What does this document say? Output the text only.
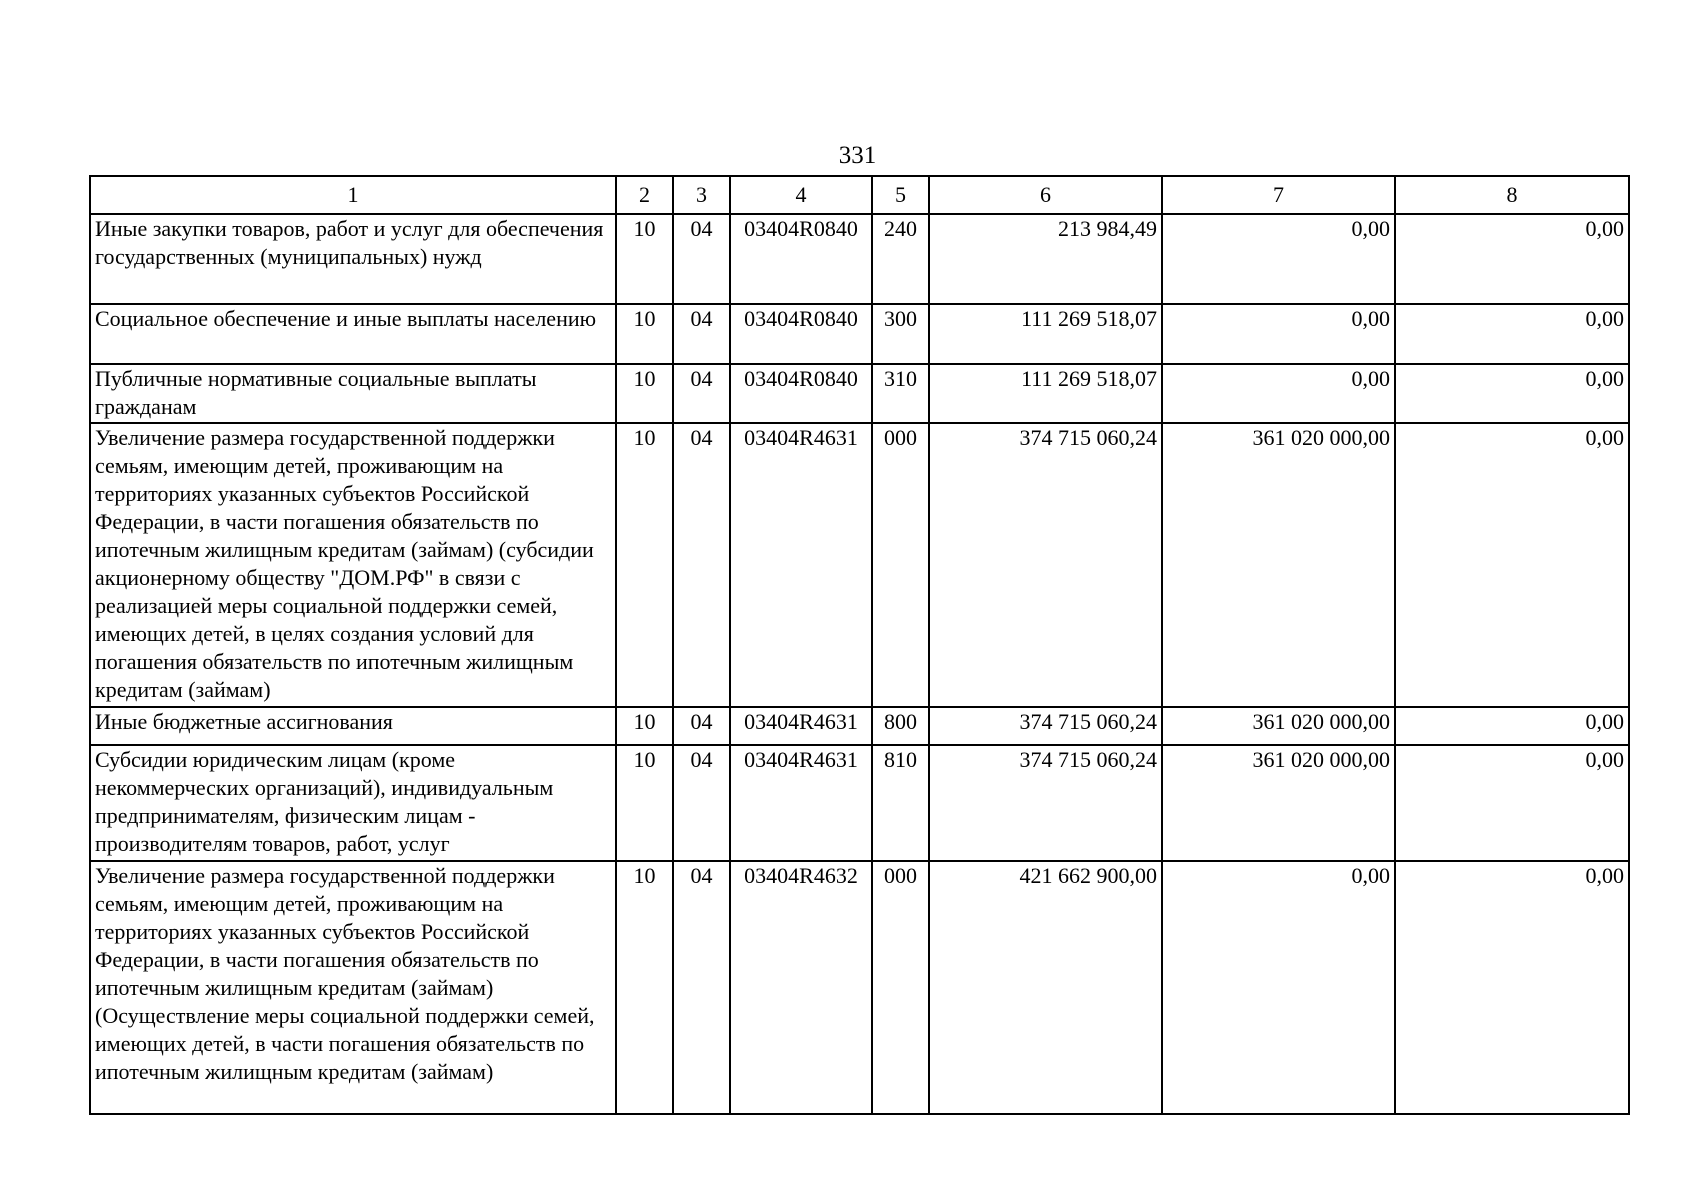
331
1	2	3	4	5	6	7	8
Иные закупки товаров, работ и услуг для обеспечения государственных (муниципальных) нужд	10	04	03404R0840	240	213 984,49	0,00	0,00
Социальное обеспечение и иные выплаты населению	10	04	03404R0840	300	111 269 518,07	0,00	0,00
Публичные нормативные социальные выплаты гражданам	10	04	03404R0840	310	111 269 518,07	0,00	0,00
Увеличение размера государственной поддержки семьям, имеющим детей, проживающим на территориях указанных субъектов Российской Федерации, в части погашения обязательств по ипотечным жилищным кредитам (займам) (субсидии акционерному обществу "ДОМ.РФ" в связи с реализацией меры социальной поддержки семей, имеющих детей, в целях создания условий для погашения обязательств по ипотечным жилищным кредитам (займам)	10	04	03404R4631	000	374 715 060,24	361 020 000,00	0,00
Иные бюджетные ассигнования	10	04	03404R4631	800	374 715 060,24	361 020 000,00	0,00
Субсидии юридическим лицам (кроме некоммерческих организаций), индивидуальным предпринимателям, физическим лицам - производителям товаров, работ, услуг	10	04	03404R4631	810	374 715 060,24	361 020 000,00	0,00
Увеличение размера государственной поддержки семьям, имеющим детей, проживающим на территориях указанных субъектов Российской Федерации, в части погашения обязательств по ипотечным жилищным кредитам (займам) (Осуществление меры социальной поддержки семей, имеющих детей, в части погашения обязательств по ипотечным жилищным кредитам (займам)	10	04	03404R4632	000	421 662 900,00	0,00	0,00
